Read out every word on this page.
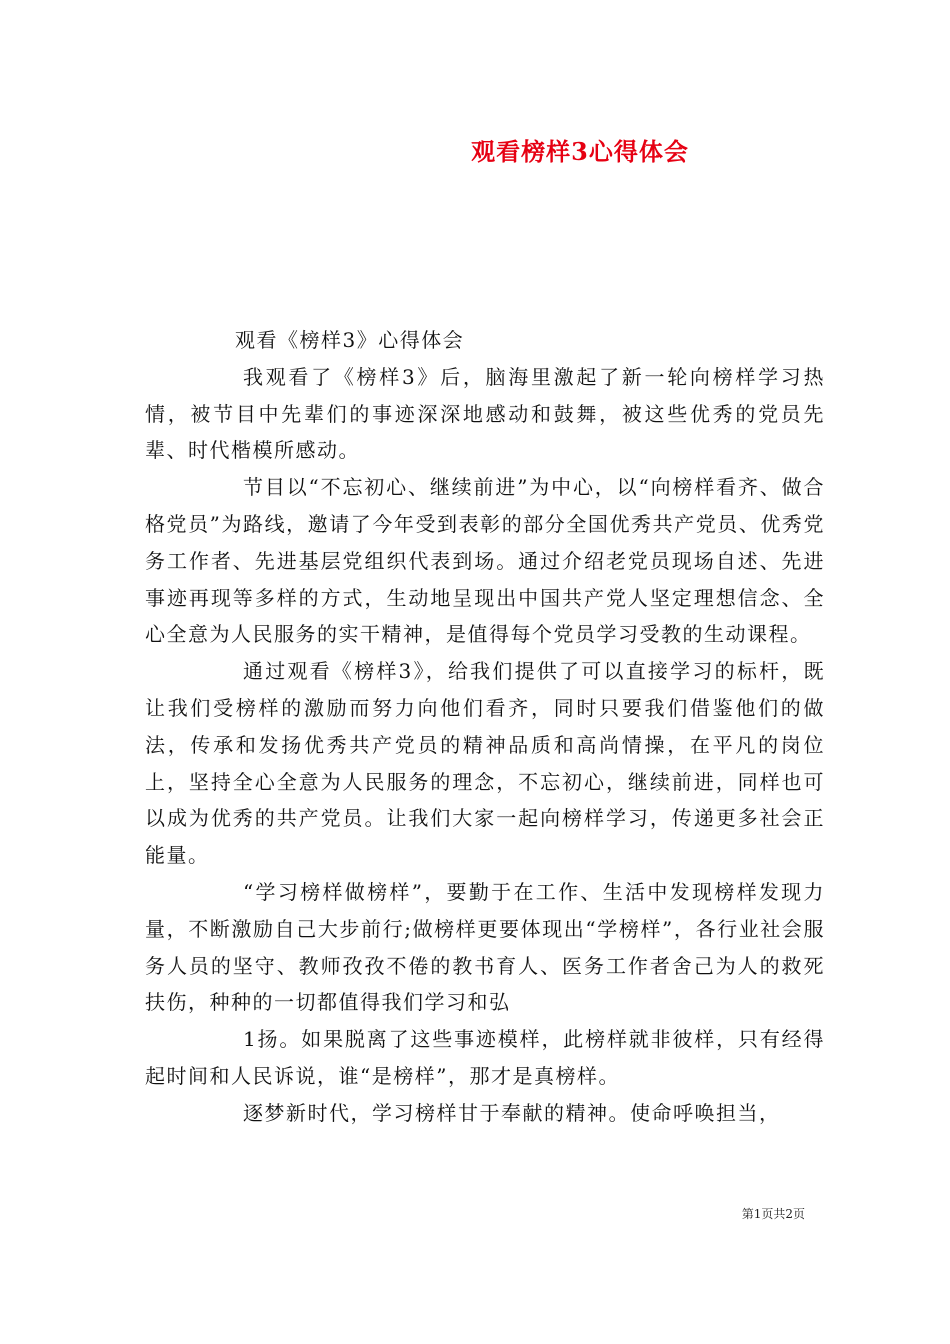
观看榜样3心得体会

观看《榜样3》心得体会

我观看了《榜样3》后，脑海里激起了新一轮向榜样学习热情，被节目中先辈们的事迹深深地感动和鼓舞，被这些优秀的党员先辈、时代楷模所感动。

节目以“不忘初心、继续前进”为中心，以“向榜样看齐、做合格党员”为路线，邀请了今年受到表彰的部分全国优秀共产党员、优秀党务工作者、先进基层党组织代表到场。通过介绍老党员现场自述、先进事迹再现等多样的方式，生动地呈现出中国共产党人坚定理想信念、全心全意为人民服务的实干精神，是值得每个党员学习受教的生动课程。

通过观看《榜样3》，给我们提供了可以直接学习的标杆，既让我们受榜样的激励而努力向他们看齐，同时只要我们借鉴他们的做法，传承和发扬优秀共产党员的精神品质和高尚情操，在平凡的岗位上，坚持全心全意为人民服务的理念，不忘初心，继续前进，同样也可以成为优秀的共产党员。让我们大家一起向榜样学习，传递更多社会正能量。

“学习榜样做榜样”，要勤于在工作、生活中发现榜样发现力量，不断激励自己大步前行;做榜样更要体现出“学榜样”，各行业社会服务人员的坚守、教师孜孜不倦的教书育人、医务工作者舍己为人的救死扶伤，种种的一切都值得我们学习和弘

1扬。如果脱离了这些事迹模样，此榜样就非彼样，只有经得起时间和人民诉说，谁“是榜样”，那才是真榜样。

逐梦新时代，学习榜样甘于奉献的精神。使命呼唤担当，

第1页共2页
